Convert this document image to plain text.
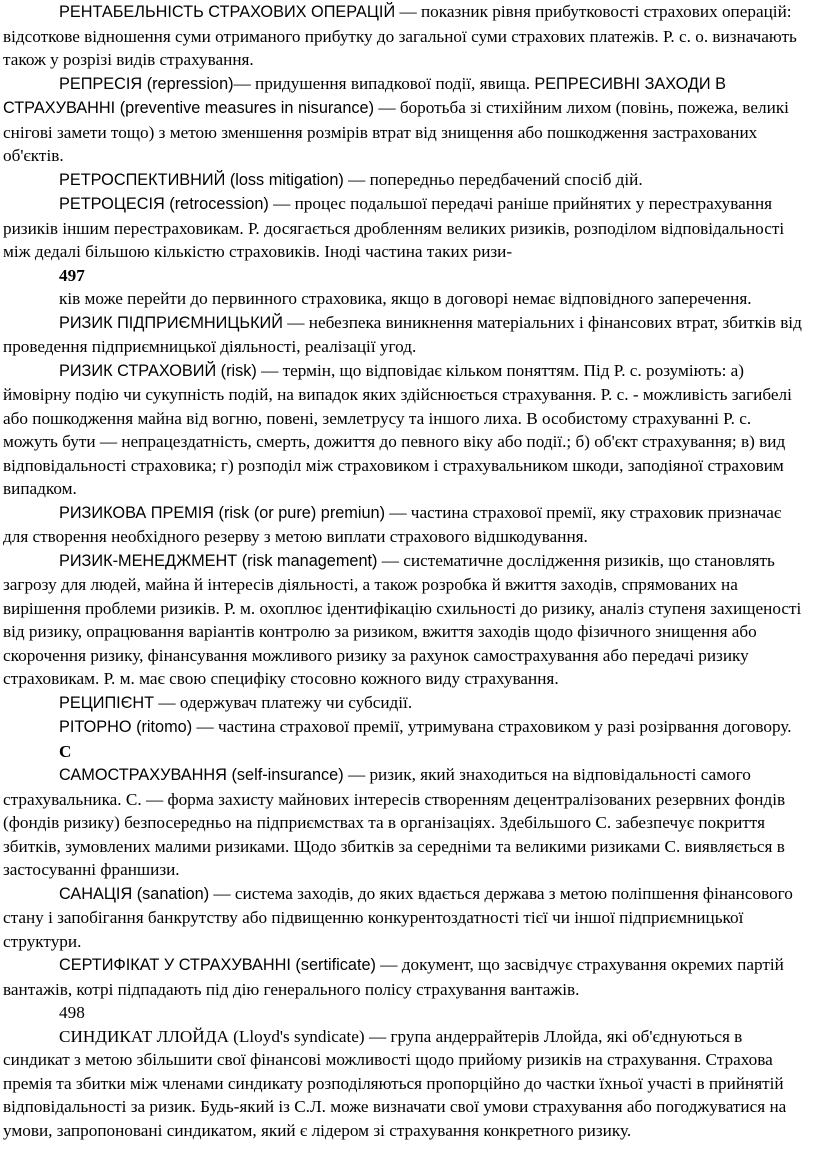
РЕНТАБЕЛЬНІСТЬ СТРАХОВИХ ОПЕРАЦІЙ — показник рівня прибутковості страхових операцій: відсоткове відношення суми отриманого прибутку до загальної суми страхових платежів. Р. с. о. визначають також у розрізі видів страхування.

РЕПРЕСІЯ (repression)— придушення випадкової події, явища. РЕПРЕСИВНІ ЗАХОДИ В СТРАХУВАННІ (preventive measures in nisurance) — боротьба зі стихійним лихом (повінь, пожежа, великі снігові замети тощо) з метою зменшення розмірів втрат від знищення або пошкодження застрахованих об'єктів.

РЕТРОСПЕКТИВНИЙ (loss mitigation) — попередньо передбачений спосіб дій.

РЕТРОЦЕСІЯ (retrocession) — процес подальшої передачі раніше прийнятих у перестрахування ризиків іншим перестраховикам. Р. досягається дробленням великих ризиків, розподілом відповідальності між дедалі більшою кількістю страховиків. Іноді частина таких ризи-

497

ків може перейти до первинного страховика, якщо в договорі немає відповідного заперечення.

РИЗИК ПІДПРИЄМНИЦЬКИЙ — небезпека виникнення матеріальних і фінансових втрат, збитків від проведення підприємницької діяльності, реалізації угод.

РИЗИК СТРАХОВИЙ (risk) — термін, що відповідає кільком поняттям. Під Р. с. розуміють: а) ймовірну подію чи сукупність подій, на випадок яких здійснюється страхування. Р. с. - можливість загибелі або пошкодження майна від вогню, повені, землетрусу та іншого лиха. В особистому страхуванні Р. с. можуть бути — непрацездатність, смерть, дожиття до певного віку або події.; б) об'єкт страхування; в) вид відповідальності страховика; г) розподіл між страховиком і страхувальником шкоди, заподіяної страховим випадком.

РИЗИКОВА ПРЕМІЯ (risk (or pure) premiun) — частина страхової премії, яку страховик призначає для створення необхідного резерву з метою виплати страхового відшкодування.

РИЗИК-МЕНЕДЖМЕНТ (risk management) — систематичне дослідження ризиків, що становлять загрозу для людей, майна й інтересів діяльності, а також розробка й вжиття заходів, спрямованих на вирішення проблеми ризиків. Р. м. охоплює ідентифікацію схильності до ризику, аналіз ступеня захищеності від ризику, опрацювання варіантів контролю за ризиком, вжиття заходів щодо фізичного знищення або скорочення ризику, фінансування можливого ризику за рахунок самострахування або передачі ризику страховикам. Р. м. має свою специфіку стосовно кожного виду страхування.

РЕЦИПІЄНТ — одержувач платежу чи субсидії.

РІТОРНО (ritomo) — частина страхової премії, утримувана страховиком у разі розірвання договору.

С

САМОСТРАХУВАННЯ (self-insurance) — ризик, який знаходиться на відповідальності самого страхувальника. С. — форма захисту майнових інтересів створенням децентралізованих резервних фондів (фондів ризику) безпосередньо на підприємствах та в організаціях. Здебільшого С. забезпечує покриття збитків, зумовлених малими ризиками. Щодо збитків за середніми та великими ризиками С. виявляється в застосуванні франшизи.

САНАЦІЯ (sanation) — система заходів, до яких вдається держава з метою поліпшення фінансового стану і запобігання банкрутству або підвищенню конкурентоздатності тієї чи іншої підприємницької структури.

СЕРТИФІКАТ У СТРАХУВАННІ (sertificate) — документ, що засвідчує страхування окремих партій вантажів, котрі підпадають під дію генерального полісу страхування вантажів.

498

СИНДИКАТ ЛЛОЙДА (Lloyd's syndicate) — група андеррайтерів Ллойда, які об'єднуються в синдикат з метою збільшити свої фінансові можливості щодо прийому ризиків на страхування. Страхова премія та збитки між членами синдикату розподіляються пропорційно до частки їхньої участі в прийнятій відповідальності за ризик. Будь-який із С.Л. може визначати свої умови страхування або погоджуватися на умови, запропоновані синдикатом, який є лідером зі страхування конкретного ризику.
